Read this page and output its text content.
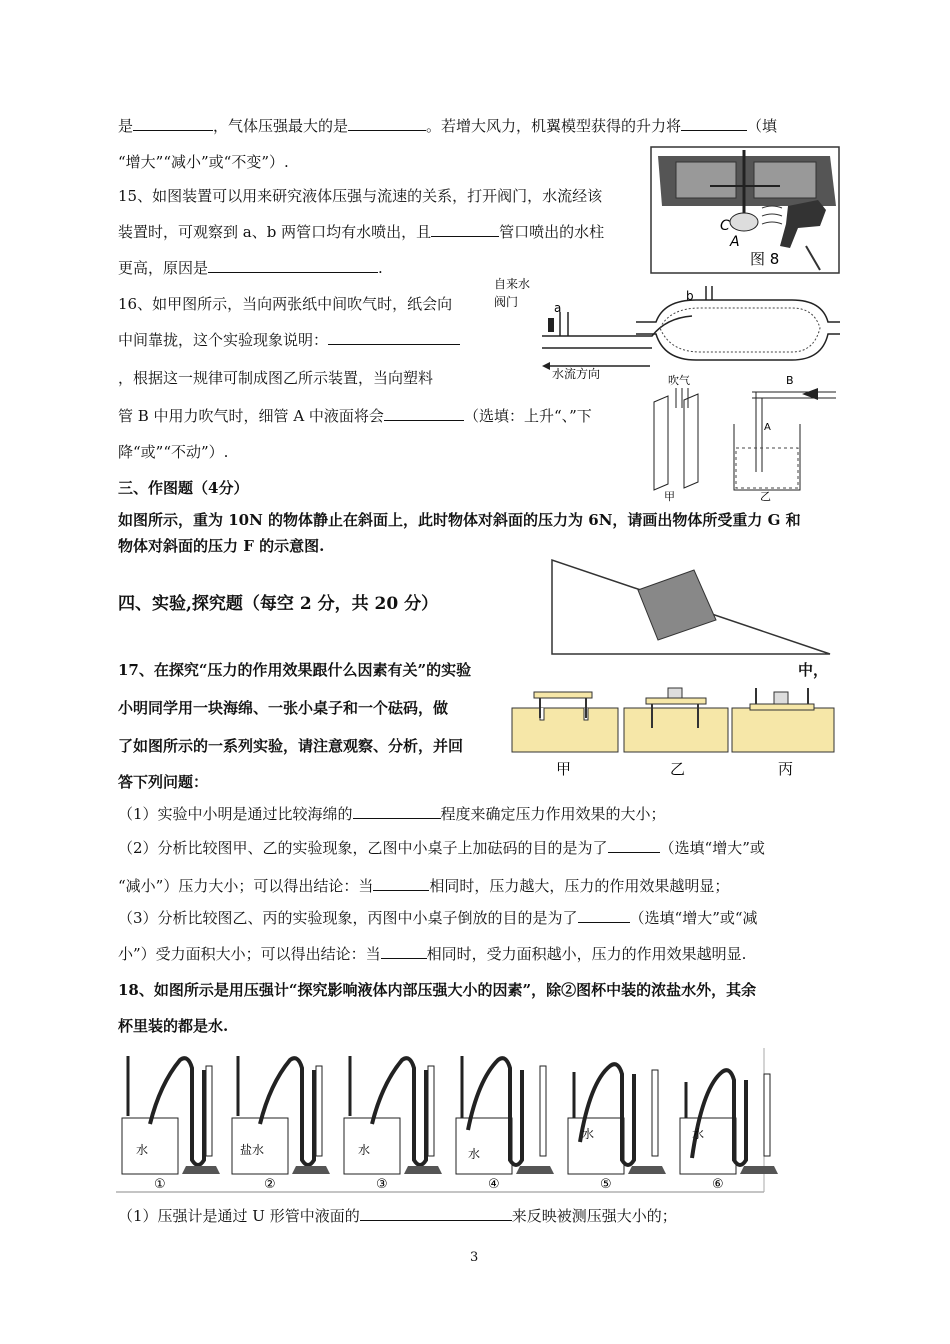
是	，气体压强最大的是	。若增大风力，机翼模型获得的升力将	（填
“增大”“减小”或“不变”）.
15、如图装置可以用来研究液体压强与流速的关系，打开阀门，水流经该
装置时，可观察到 a、b 两管口均有水喷出，且	管口喷出的水柱
更高，原因是	.
16、如甲图所示，当向两张纸中间吹气时，纸会向
中间靠拢，这个实验现象说明：
，根据这一规律可制成图乙所示装置，当向塑料
管 B 中用力吹气时，细管 A 中液面将会	（选填：上升“、”下
降“或”“不动”）.
三、作图题（4分）
如图所示，重为 10N 的物体静止在斜面上，此时物体对斜面的压力为 6N，请画出物体所受重力 G 和
物体对斜面的压力 F 的示意图.
四、实验,探究题（每空 2 分，共 20 分）
17、在探究“压力的作用效果跟什么因素有关”的实验	中，
小明同学用一块海绵、一张小桌子和一个砝码，做
了如图所示的一系列实验，请注意观察、分析，并回
答下列问题：
（1）实验中小明是通过比较海绵的	程度来确定压力作用效果的大小；
（2）分析比较图甲、乙的实验现象，乙图中小桌子上加砝码的目的是为了	（选填“增大”或
“减小”）压力大小；可以得出结论：当	相同时，压力越大，压力的作用效果越明显；
（3）分析比较图乙、丙的实验现象，丙图中小桌子倒放的目的是为了	（选填“增大”或“减
小”）受力面积大小；可以得出结论：当	相同时，受力面积越小，压力的作用效果越明显.
18、如图所示是用压强计“探究影响液体内部压强大小的因素”，除②图杯中装的浓盐水外，其余
杯里装的都是水.
（1）压强计是通过 U 形管中液面的	来反映被测压强大小的；
3
C
A
图 8
自来水
阀门	a
b
水流方向	吹气
甲
B
A
乙
甲	乙	丙
水
①
盐水
②
水
③
水
④
水
⑤
水
⑥
